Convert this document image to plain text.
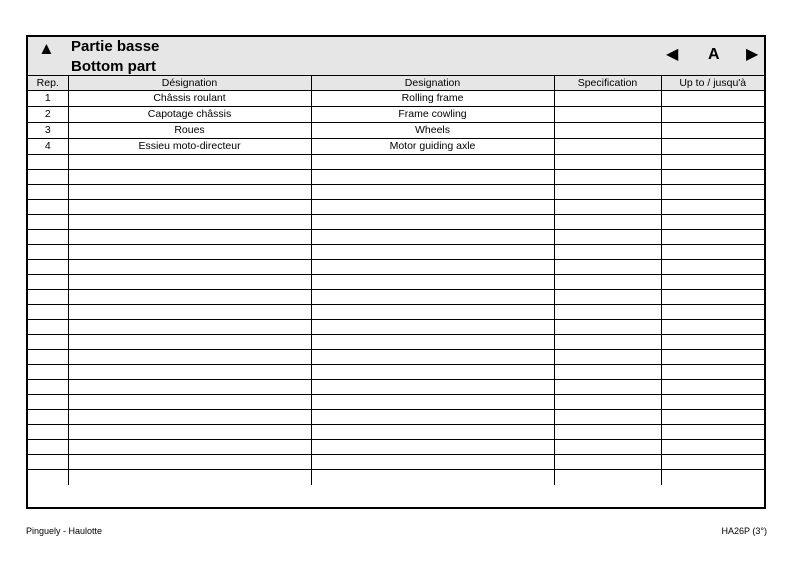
▲ Partie basse
Bottom part
◀ A ▶
Rep.	Désignation	Designation	Specification	Up to / jusqu'à
1	Châssis roulant	Rolling frame		
2	Capotage châssis	Frame cowling		
3	Roues	Wheels		
4	Essieu moto-directeur	Motor guiding axle		

Pinguely - Haulotte	HA26P (3°)
